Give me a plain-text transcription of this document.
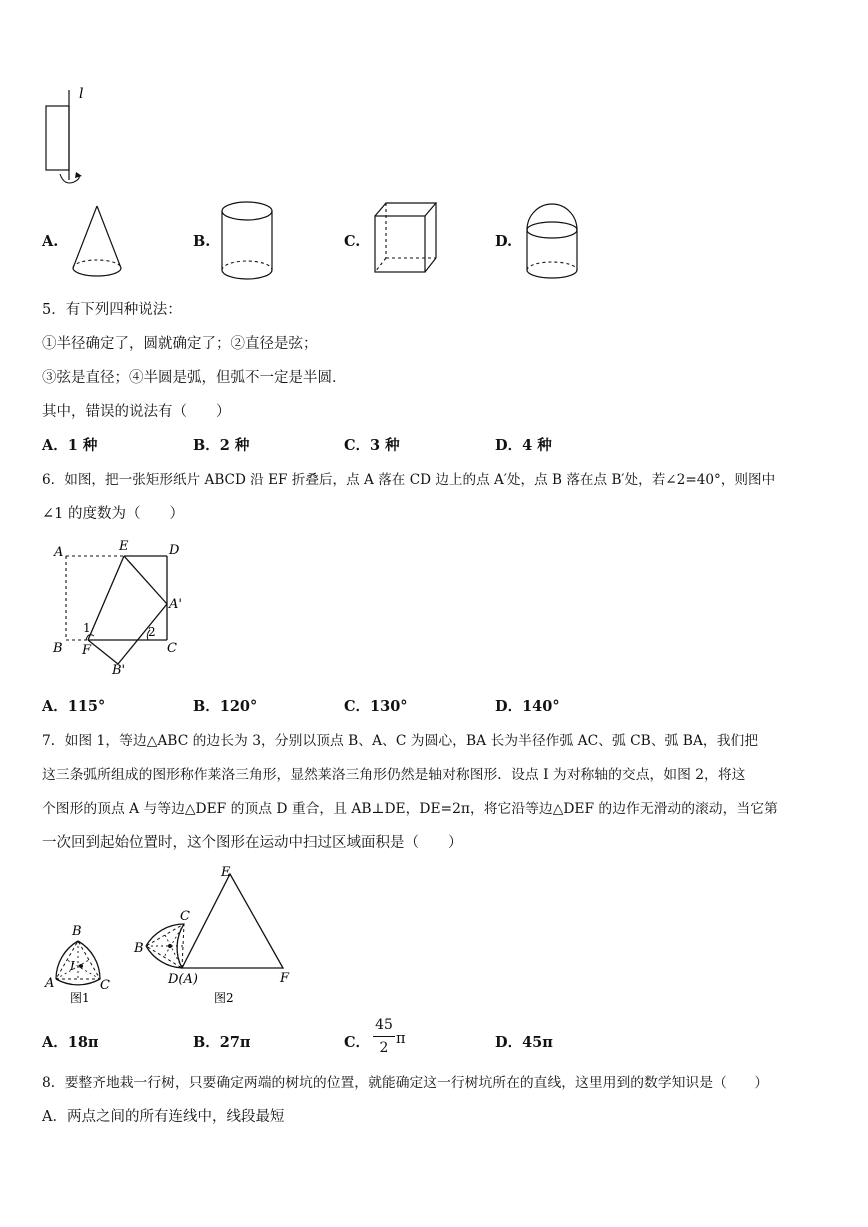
l
A.	B.	C.	D.
5．有下列四种说法：
①半径确定了，圆就确定了；②直径是弦；
③弦是直径；④半圆是弧，但弧不一定是半圆．
其中，错误的说法有（　　）
A．1 种	B．2 种	C．3 种	D．4 种
6．如图，把一张矩形纸片 ABCD 沿 EF 折叠后，点 A 落在 CD 边上的点 A′处，点 B 落在点 B′处，若∠2=40°，则图中
∠1 的度数为（　　）
A	E	D
A'
1	2
B F	C
B'
A．115°	B．120°	C．130°	D．140°
7．如图 1，等边△ABC 的边长为 3，分别以顶点 B、A、C 为圆心，BA 长为半径作弧 AC、弧 CB、弧 BA，我们把
这三条弧所组成的图形称作莱洛三角形，显然莱洛三角形仍然是轴对称图形．设点 I 为对称轴的交点，如图 2，将这
个图形的顶点 A 与等边△DEF 的顶点 D 重合，且 AB⊥DE，DE=2π，将它沿等边△DEF 的边作无滑动的滚动，当它第
一次回到起始位置时，这个图形在运动中扫过区域面积是（　　）
B
I
A	C
图1
E
C
B
D(A)	F
图2
A．18π	B．27π	C．
45
2
π	D．45π
8．要整齐地栽一行树，只要确定两端的树坑的位置，就能确定这一行树坑所在的直线，这里用到的数学知识是（　　）
A．两点之间的所有连线中，线段最短
